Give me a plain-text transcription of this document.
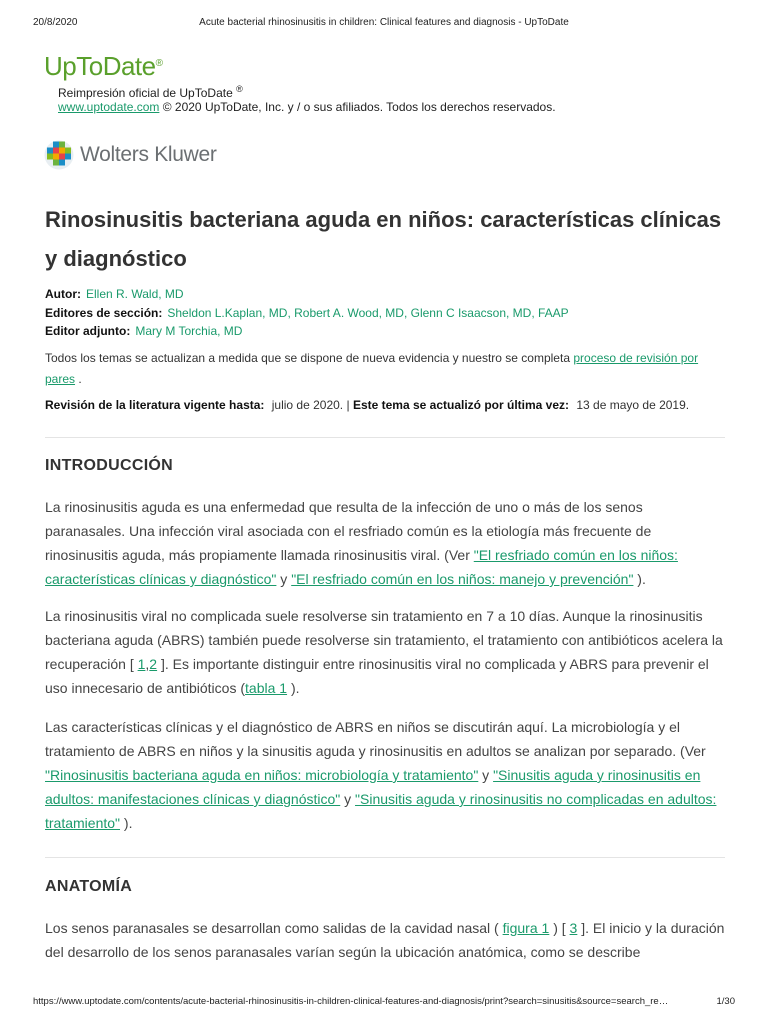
20/8/2020	Acute bacterial rhinosinusitis in children: Clinical features and diagnosis - UpToDate
UpToDate®
Reimpresión oficial de UpToDate ®
www.uptodate.com © 2020 UpToDate, Inc. y / o sus afiliados. Todos los derechos reservados.
Wolters Kluwer
Rinosinusitis bacteriana aguda en niños: características clínicas y diagnóstico
Autor: Ellen R. Wald, MD
Editores de sección: Sheldon L.Kaplan, MD, Robert A. Wood, MD, Glenn C Isaacson, MD, FAAP
Editor adjunto: Mary M Torchia, MD
Todos los temas se actualizan a medida que se dispone de nueva evidencia y nuestro se completa proceso de revisión por pares .
Revisión de la literatura vigente hasta: julio de 2020. | Este tema se actualizó por última vez: 13 de mayo de 2019.
INTRODUCCIÓN

La rinosinusitis aguda es una enfermedad que resulta de la infección de uno o más de los senos paranasales. Una infección viral asociada con el resfriado común es la etiología más frecuente de rinosinusitis aguda, más propiamente llamada rinosinusitis viral. (Ver "El resfriado común en los niños: características clínicas y diagnóstico" y "El resfriado común en los niños: manejo y prevención" ).

La rinosinusitis viral no complicada suele resolverse sin tratamiento en 7 a 10 días. Aunque la rinosinusitis bacteriana aguda (ABRS) también puede resolverse sin tratamiento, el tratamiento con antibióticos acelera la recuperación [ 1,2 ]. Es importante distinguir entre rinosinusitis viral no complicada y ABRS para prevenir el uso innecesario de antibióticos (tabla 1 ).

Las características clínicas y el diagnóstico de ABRS en niños se discutirán aquí. La microbiología y el tratamiento de ABRS en niños y la sinusitis aguda y rinosinusitis en adultos se analizan por separado. (Ver "Rinosinusitis bacteriana aguda en niños: microbiología y tratamiento" y "Sinusitis aguda y rinosinusitis en adultos: manifestaciones clínicas y diagnóstico" y "Sinusitis aguda y rinosinusitis no complicadas en adultos: tratamiento" ).

ANATOMÍA

Los senos paranasales se desarrollan como salidas de la cavidad nasal ( figura 1 ) [ 3 ]. El inicio y la duración del desarrollo de los senos paranasales varían según la ubicación anatómica, como se describe

https://www.uptodate.com/contents/acute-bacterial-rhinosinusitis-in-children-clinical-features-and-diagnosis/print?search=sinusitis&source=search_re…	1/30
